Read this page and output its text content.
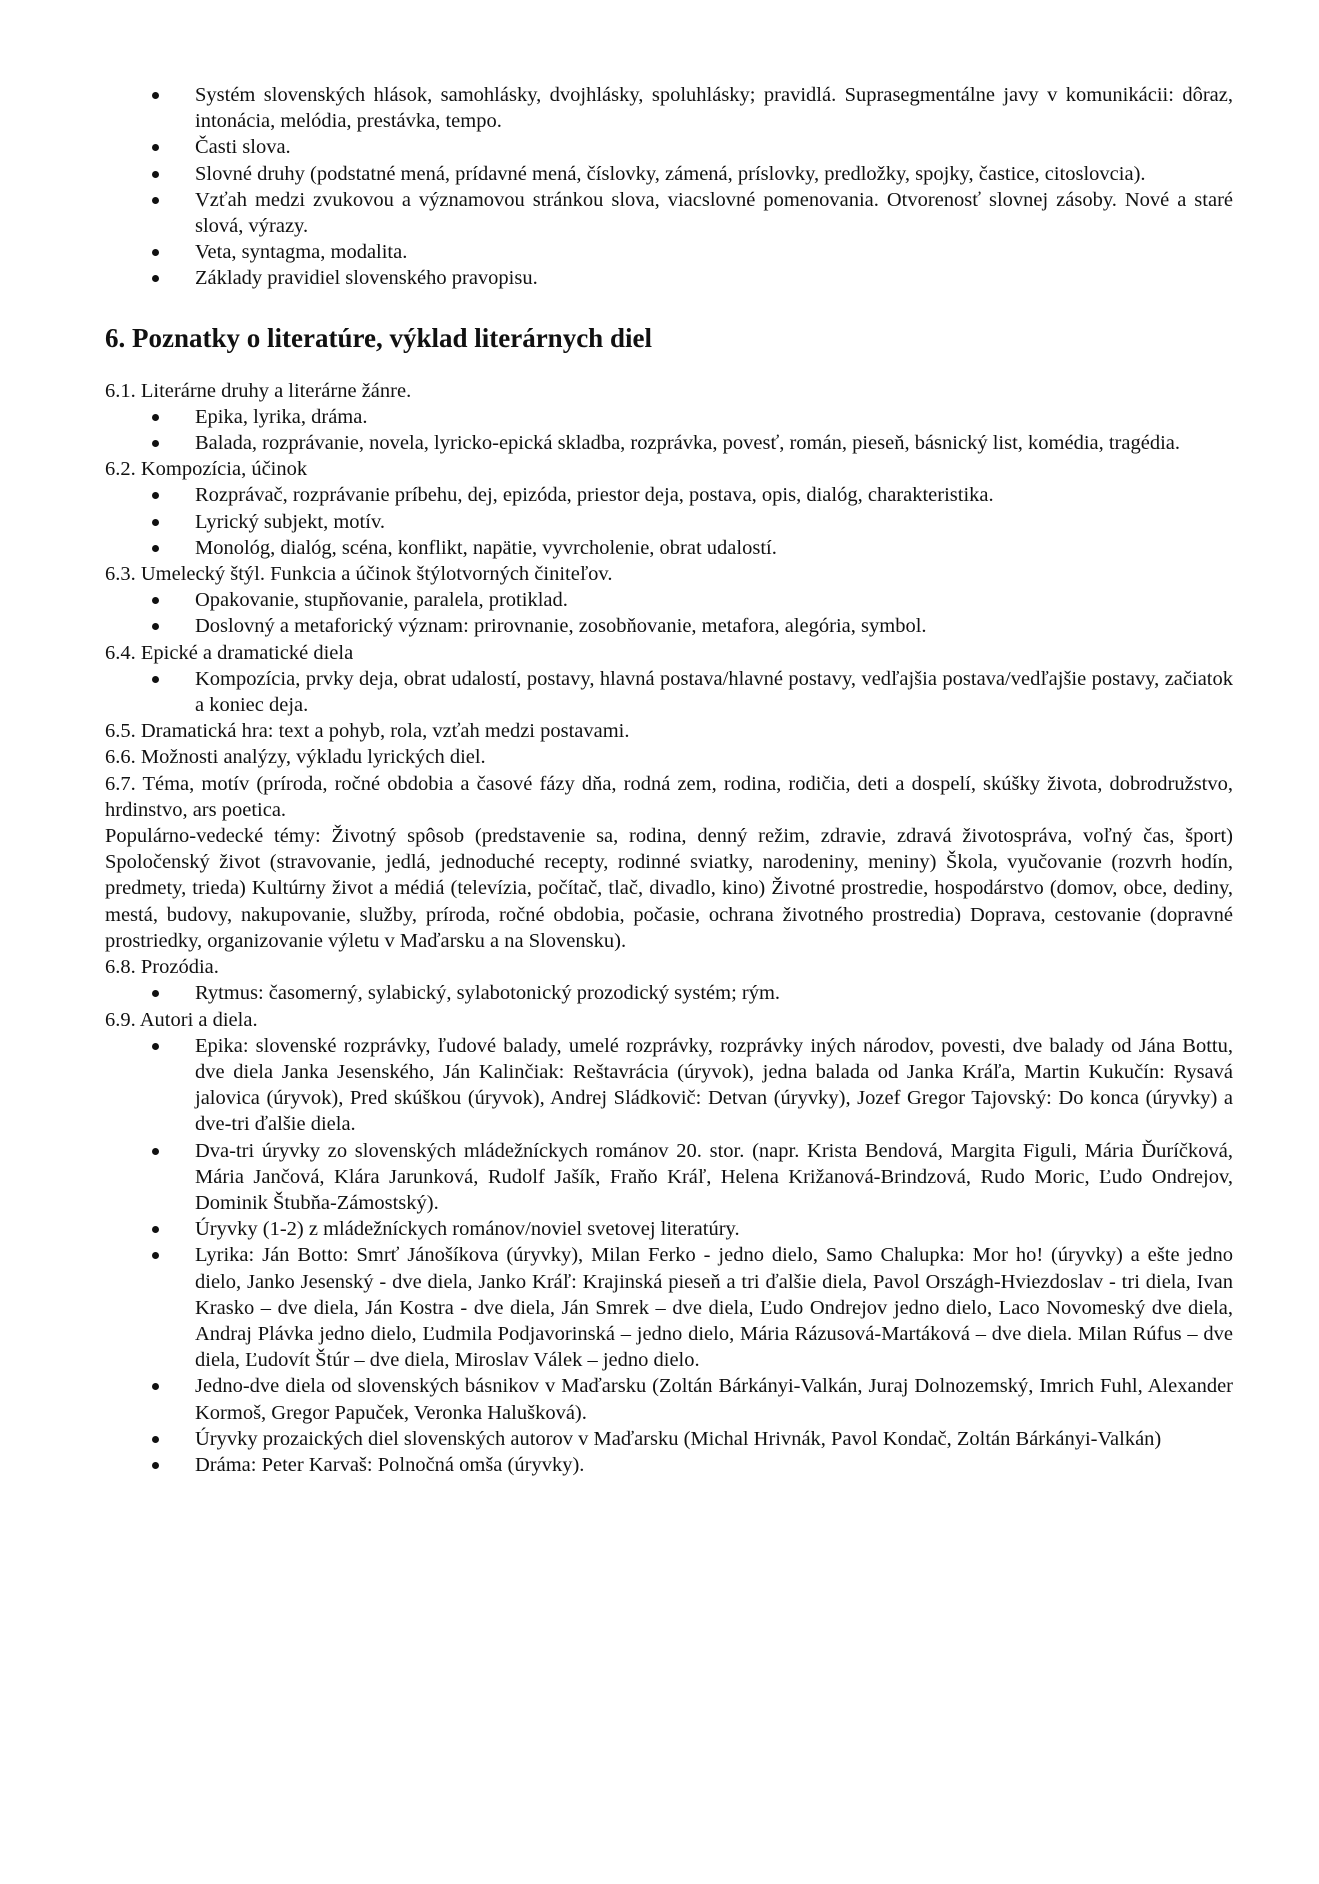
Systém slovenských hlások, samohlásky, dvojhlásky, spoluhlásky; pravidlá. Suprasegmentálne javy v komunikácii: dôraz, intonácia, melódia, prestávka, tempo.
Časti slova.
Slovné druhy (podstatné mená, prídavné mená, číslovky, zámená, príslovky, predložky, spojky, častice, citoslovcia).
Vzťah medzi zvukovou a významovou stránkou slova, viacslovné pomenovania. Otvorenosť slovnej zásoby. Nové a staré slová, výrazy.
Veta, syntagma, modalita.
Základy pravidiel slovenského pravopisu.
6. Poznatky o literatúre, výklad literárnych diel

6.1. Literárne druhy a literárne žánre.

Epika, lyrika, dráma.
Balada, rozprávanie, novela, lyricko-epická skladba, rozprávka, povesť, román, pieseň, básnický list, komédia, tragédia.

6.2. Kompozícia, účinok

Rozprávač, rozprávanie príbehu, dej, epizóda, priestor deja, postava, opis, dialóg, charakteristika.
Lyrický subjekt, motív.
Monológ, dialóg, scéna, konflikt, napätie, vyvrcholenie, obrat udalostí.

6.3. Umelecký štýl. Funkcia a účinok štýlotvorných činiteľov.

Opakovanie, stupňovanie, paralela, protiklad.
Doslovný a metaforický význam: prirovnanie, zosobňovanie, metafora, alegória, symbol.

6.4. Epické a dramatické diela

Kompozícia, prvky deja, obrat udalostí, postavy, hlavná postava/hlavné postavy, vedľajšia postava/vedľajšie postavy, začiatok a koniec deja.

6.5. Dramatická hra: text a pohyb, rola, vzťah medzi postavami.

6.6. Možnosti analýzy, výkladu lyrických diel.

6.7. Téma, motív (príroda, ročné obdobia a časové fázy dňa, rodná zem, rodina, rodičia, deti a dospelí, skúšky života, dobrodružstvo, hrdinstvo, ars poetica.

Populárno-vedecké témy: Životný spôsob (predstavenie sa, rodina, denný režim, zdravie, zdravá životospráva, voľný čas, šport) Spoločenský život (stravovanie, jedlá, jednoduché recepty, rodinné sviatky, narodeniny, meniny) Škola, vyučovanie (rozvrh hodín, predmety, trieda) Kultúrny život a médiá (televízia, počítač, tlač, divadlo, kino) Životné prostredie, hospodárstvo (domov, obce, dediny, mestá, budovy, nakupovanie, služby, príroda, ročné obdobia, počasie, ochrana životného prostredia) Doprava, cestovanie (dopravné prostriedky, organizovanie výletu v Maďarsku a na Slovensku).

6.8. Prozódia.

Rytmus: časomerný, sylabický, sylabotonický prozodický systém; rým.

6.9. Autori a diela.

Epika: slovenské rozprávky, ľudové balady, umelé rozprávky, rozprávky iných národov, povesti, dve balady od Jána Bottu, dve diela Janka Jesenského, Ján Kalinčiak: Reštavrácia (úryvok), jedna balada od Janka Kráľa, Martin Kukučín: Rysavá jalovica (úryvok), Pred skúškou (úryvok), Andrej Sládkovič: Detvan (úryvky), Jozef Gregor Tajovský: Do konca (úryvky) a dve-tri ďalšie diela.
Dva-tri úryvky zo slovenských mládežníckych románov 20. stor. (napr. Krista Bendová, Margita Figuli, Mária Ďuríčková, Mária Jančová, Klára Jarunková, Rudolf Jašík, Fraňo Kráľ, Helena Križanová-Brindzová, Rudo Moric, Ľudo Ondrejov, Dominik Štubňa-Zámostský).
Úryvky (1-2) z mládežníckych románov/noviel svetovej literatúry.
Lyrika: Ján Botto: Smrť Jánošíkova (úryvky), Milan Ferko - jedno dielo, Samo Chalupka: Mor ho! (úryvky) a ešte jedno dielo, Janko Jesenský - dve diela, Janko Kráľ: Krajinská pieseň a tri ďalšie diela, Pavol Országh-Hviezdoslav - tri diela, Ivan Krasko – dve diela, Ján Kostra - dve diela, Ján Smrek – dve diela, Ľudo Ondrejov jedno dielo, Laco Novomeský dve diela, Andraj Plávka jedno dielo, Ľudmila Podjavorinská – jedno dielo, Mária Rázusová-Martáková – dve diela. Milan Rúfus – dve diela, Ľudovít Štúr – dve diela, Miroslav Válek – jedno dielo.
Jedno-dve diela od slovenských básnikov v Maďarsku (Zoltán Bárkányi-Valkán, Juraj Dolnozemský, Imrich Fuhl, Alexander Kormoš, Gregor Papuček, Veronka Halušková).
Úryvky prozaických diel slovenských autorov v Maďarsku (Michal Hrivnák, Pavol Kondač, Zoltán Bárkányi-Valkán)
Dráma: Peter Karvaš: Polnočná omša (úryvky).
